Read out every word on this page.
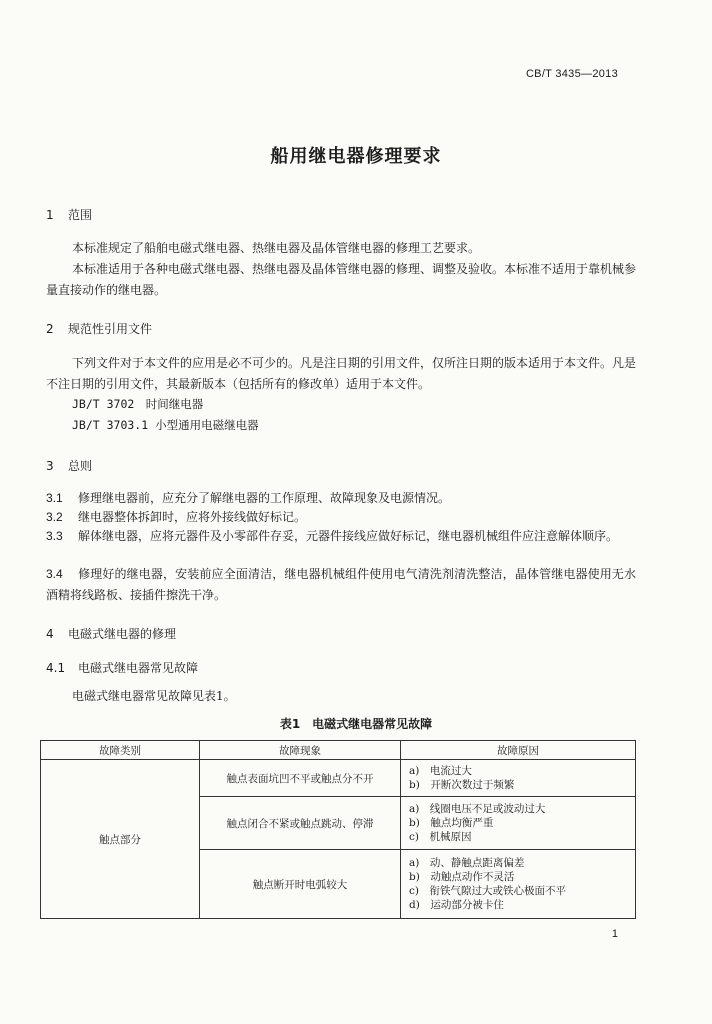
CB/T 3435—2013
船用继电器修理要求
1 范围
本标准规定了船舶电磁式继电器、热继电器及晶体管继电器的修理工艺要求。
本标准适用于各种电磁式继电器、热继电器及晶体管继电器的修理、调整及验收。本标准不适用于靠机械参量直接动作的继电器。
2 规范性引用文件
下列文件对于本文件的应用是必不可少的。凡是注日期的引用文件，仅所注日期的版本适用于本文件。凡是不注日期的引用文件，其最新版本（包括所有的修改单）适用于本文件。
JB/T 3702　时间继电器
JB/T 3703.1 小型通用电磁继电器
3 总则
3.1 修理继电器前，应充分了解继电器的工作原理、故障现象及电源情况。
3.2 继电器整体拆卸时，应将外接线做好标记。
3.3 解体继电器，应将元器件及小零部件存妥，元器件接线应做好标记，继电器机械组件应注意解体顺序。
3.4 修理好的继电器，安装前应全面清洁，继电器机械组件使用电气清洗剂清洗整洁，晶体管继电器使用无水酒精将线路板、接插件擦洗干净。
4 电磁式继电器的修理
4.1 电磁式继电器常见故障
电磁式继电器常见故障见表1。
表1　电磁式继电器常见故障
故障类别	故障现象	故障原因
触点部分	触点表面坑凹不平或触点分不开	a)　电流过大
b)　开断次数过于频繁

	触点闭合不紧或触点跳动、停滞	a)　线圈电压不足或波动过大
b)　触点均衡严重
c)　机械原因

	触点断开时电弧较大	a)　动、静触点距离偏差
b)　动触点动作不灵活
c)　衔铁气隙过大或铁心极面不平
d)　运动部分被卡住
1
